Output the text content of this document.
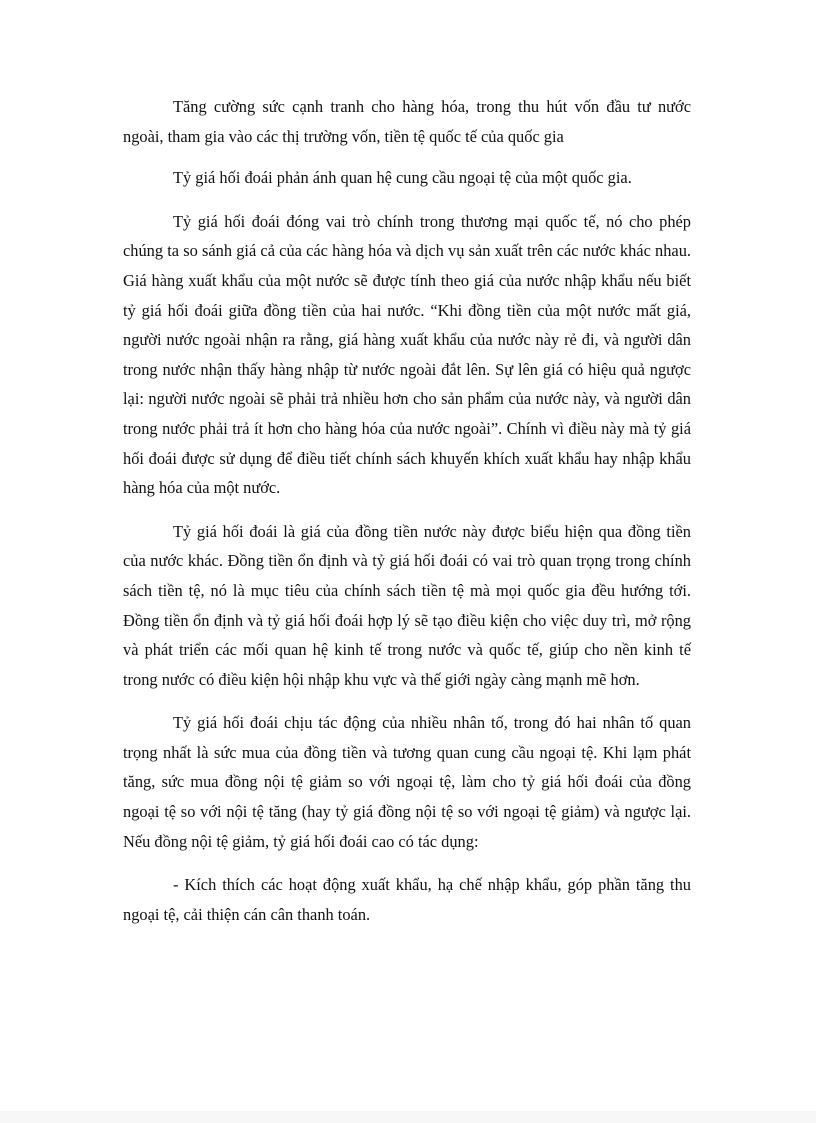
Tăng cường sức cạnh tranh cho hàng hóa, trong thu hút vốn đầu tư nước ngoài, tham gia vào các thị trường vốn, tiền tệ quốc tế của quốc gia

Tỷ giá hối đoái phản ánh quan hệ cung cầu ngoại tệ của một quốc gia.

Tỷ giá hối đoái đóng vai trò chính trong thương mại quốc tế, nó cho phép chúng ta so sánh giá cả của các hàng hóa và dịch vụ sản xuất trên các nước khác nhau. Giá hàng xuất khẩu của một nước sẽ được tính theo giá của nước nhập khẩu nếu biết tỷ giá hối đoái giữa đồng tiền của hai nước. “Khi đồng tiền của một nước mất giá, người nước ngoài nhận ra rằng, giá hàng xuất khẩu của nước này rẻ đi, và người dân trong nước nhận thấy hàng nhập từ nước ngoài đắt lên. Sự lên giá có hiệu quả ngược lại: người nước ngoài sẽ phải trả nhiều hơn cho sản phẩm của nước này, và người dân trong nước phải trả ít hơn cho hàng hóa của nước ngoài”. Chính vì điều này mà tỷ giá hối đoái được sử dụng để điều tiết chính sách khuyến khích xuất khẩu hay nhập khẩu hàng hóa của một nước.

Tỷ giá hối đoái là giá của đồng tiền nước này được biểu hiện qua đồng tiền của nước khác. Đồng tiền ổn định và tỷ giá hối đoái có vai trò quan trọng trong chính sách tiền tệ, nó là mục tiêu của chính sách tiền tệ mà mọi quốc gia đều hướng tới. Đồng tiền ổn định và tỷ giá hối đoái hợp lý sẽ tạo điều kiện cho việc duy trì, mở rộng và phát triển các mối quan hệ kinh tế trong nước và quốc tế, giúp cho nền kinh tế trong nước có điều kiện hội nhập khu vực và thế giới ngày càng mạnh mẽ hơn.

Tỷ giá hối đoái chịu tác động của nhiều nhân tố, trong đó hai nhân tố quan trọng nhất là sức mua của đồng tiền và tương quan cung cầu ngoại tệ. Khi lạm phát tăng, sức mua đồng nội tệ giảm so với ngoại tệ, làm cho tỷ giá hối đoái của đồng ngoại tệ so với nội tệ tăng (hay tỷ giá đồng nội tệ so với ngoại tệ giảm) và ngược lại. Nếu đồng nội tệ giảm, tỷ giá hối đoái cao có tác dụng:

- Kích thích các hoạt động xuất khẩu, hạ chế nhập khẩu, góp phần tăng thu ngoại tệ, cải thiện cán cân thanh toán.
